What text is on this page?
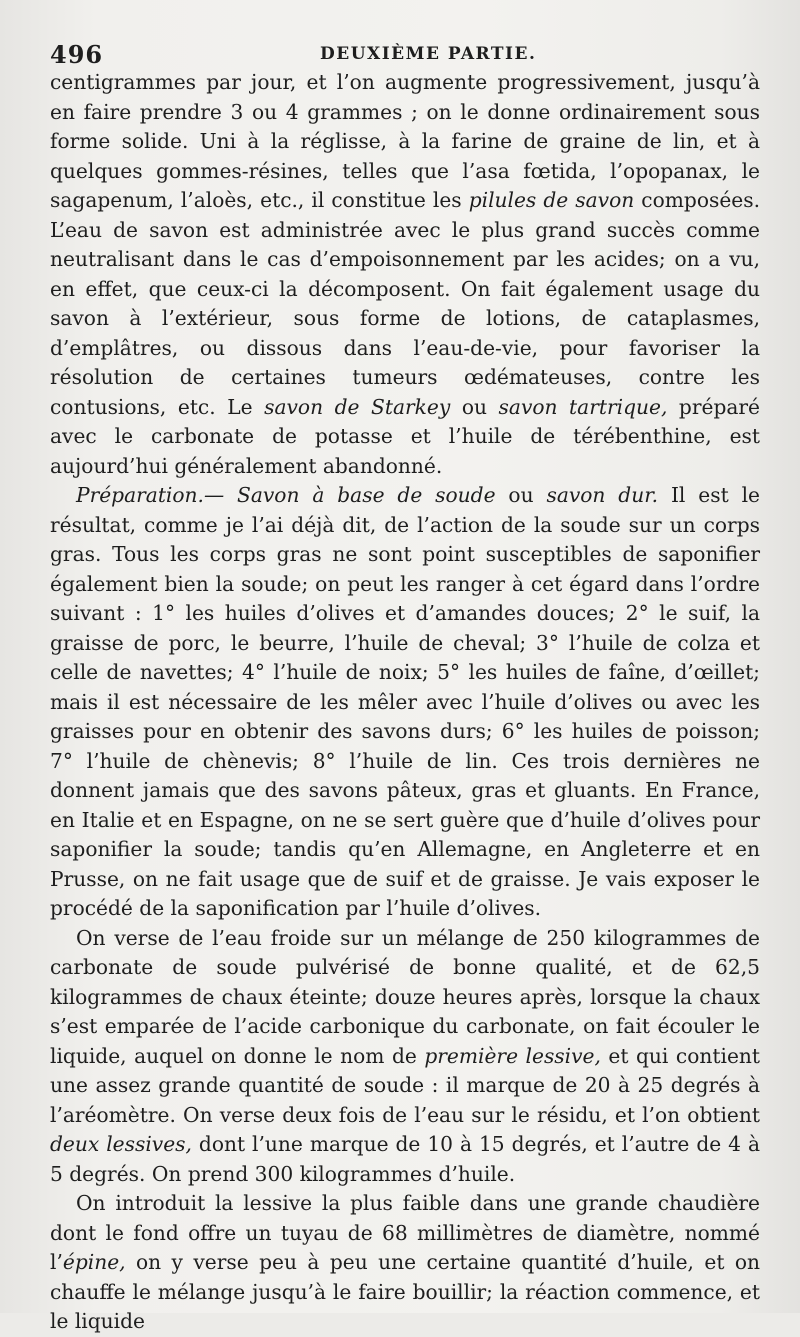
496	DEUXIÈME PARTIE.

centigrammes par jour, et l’on augmente progressivement, jusqu’à en faire prendre 3 ou 4 grammes ; on le donne ordinairement sous forme solide. Uni à la réglisse, à la farine de graine de lin, et à quelques gommes-résines, telles que l’asa fœtida, l’opopanax, le sagapenum, l’aloès, etc., il constitue les pilules de savon composées. L’eau de savon est administrée avec le plus grand succès comme neutralisant dans le cas d’empoisonnement par les acides; on a vu, en effet, que ceux-ci la décomposent. On fait également usage du savon à l’extérieur, sous forme de lotions, de cataplasmes, d’emplâtres, ou dissous dans l’eau-de-vie, pour favoriser la résolution de certaines tumeurs œdémateuses, contre les contusions, etc. Le savon de Starkey ou savon tartrique, préparé avec le carbonate de potasse et l’huile de térébenthine, est aujourd’hui généralement abandonné.

Préparation.— Savon à base de soude ou savon dur. Il est le résultat, comme je l’ai déjà dit, de l’action de la soude sur un corps gras. Tous les corps gras ne sont point susceptibles de saponifier également bien la soude; on peut les ranger à cet égard dans l’ordre suivant : 1° les huiles d’olives et d’amandes douces; 2° le suif, la graisse de porc, le beurre, l’huile de cheval; 3° l’huile de colza et celle de navettes; 4° l’huile de noix; 5° les huiles de faîne, d’œillet; mais il est nécessaire de les mêler avec l’huile d’olives ou avec les graisses pour en obtenir des savons durs; 6° les huiles de poisson; 7° l’huile de chènevis; 8° l’huile de lin. Ces trois dernières ne donnent jamais que des savons pâteux, gras et gluants. En France, en Italie et en Espagne, on ne se sert guère que d’huile d’olives pour saponifier la soude; tandis qu’en Allemagne, en Angleterre et en Prusse, on ne fait usage que de suif et de graisse. Je vais exposer le procédé de la saponification par l’huile d’olives.

On verse de l’eau froide sur un mélange de 250 kilogrammes de carbonate de soude pulvérisé de bonne qualité, et de 62,5 kilogrammes de chaux éteinte; douze heures après, lorsque la chaux s’est emparée de l’acide carbonique du carbonate, on fait écouler le liquide, auquel on donne le nom de première lessive, et qui contient une assez grande quantité de soude : il marque de 20 à 25 degrés à l’aréomètre. On verse deux fois de l’eau sur le résidu, et l’on obtient deux lessives, dont l’une marque de 10 à 15 degrés, et l’autre de 4 à 5 degrés. On prend 300 kilogrammes d’huile.

On introduit la lessive la plus faible dans une grande chaudière dont le fond offre un tuyau de 68 millimètres de diamètre, nommé l’épine, on y verse peu à peu une certaine quantité d’huile, et on chauffe le mélange jusqu’à le faire bouillir; la réaction commence, et le liquide
